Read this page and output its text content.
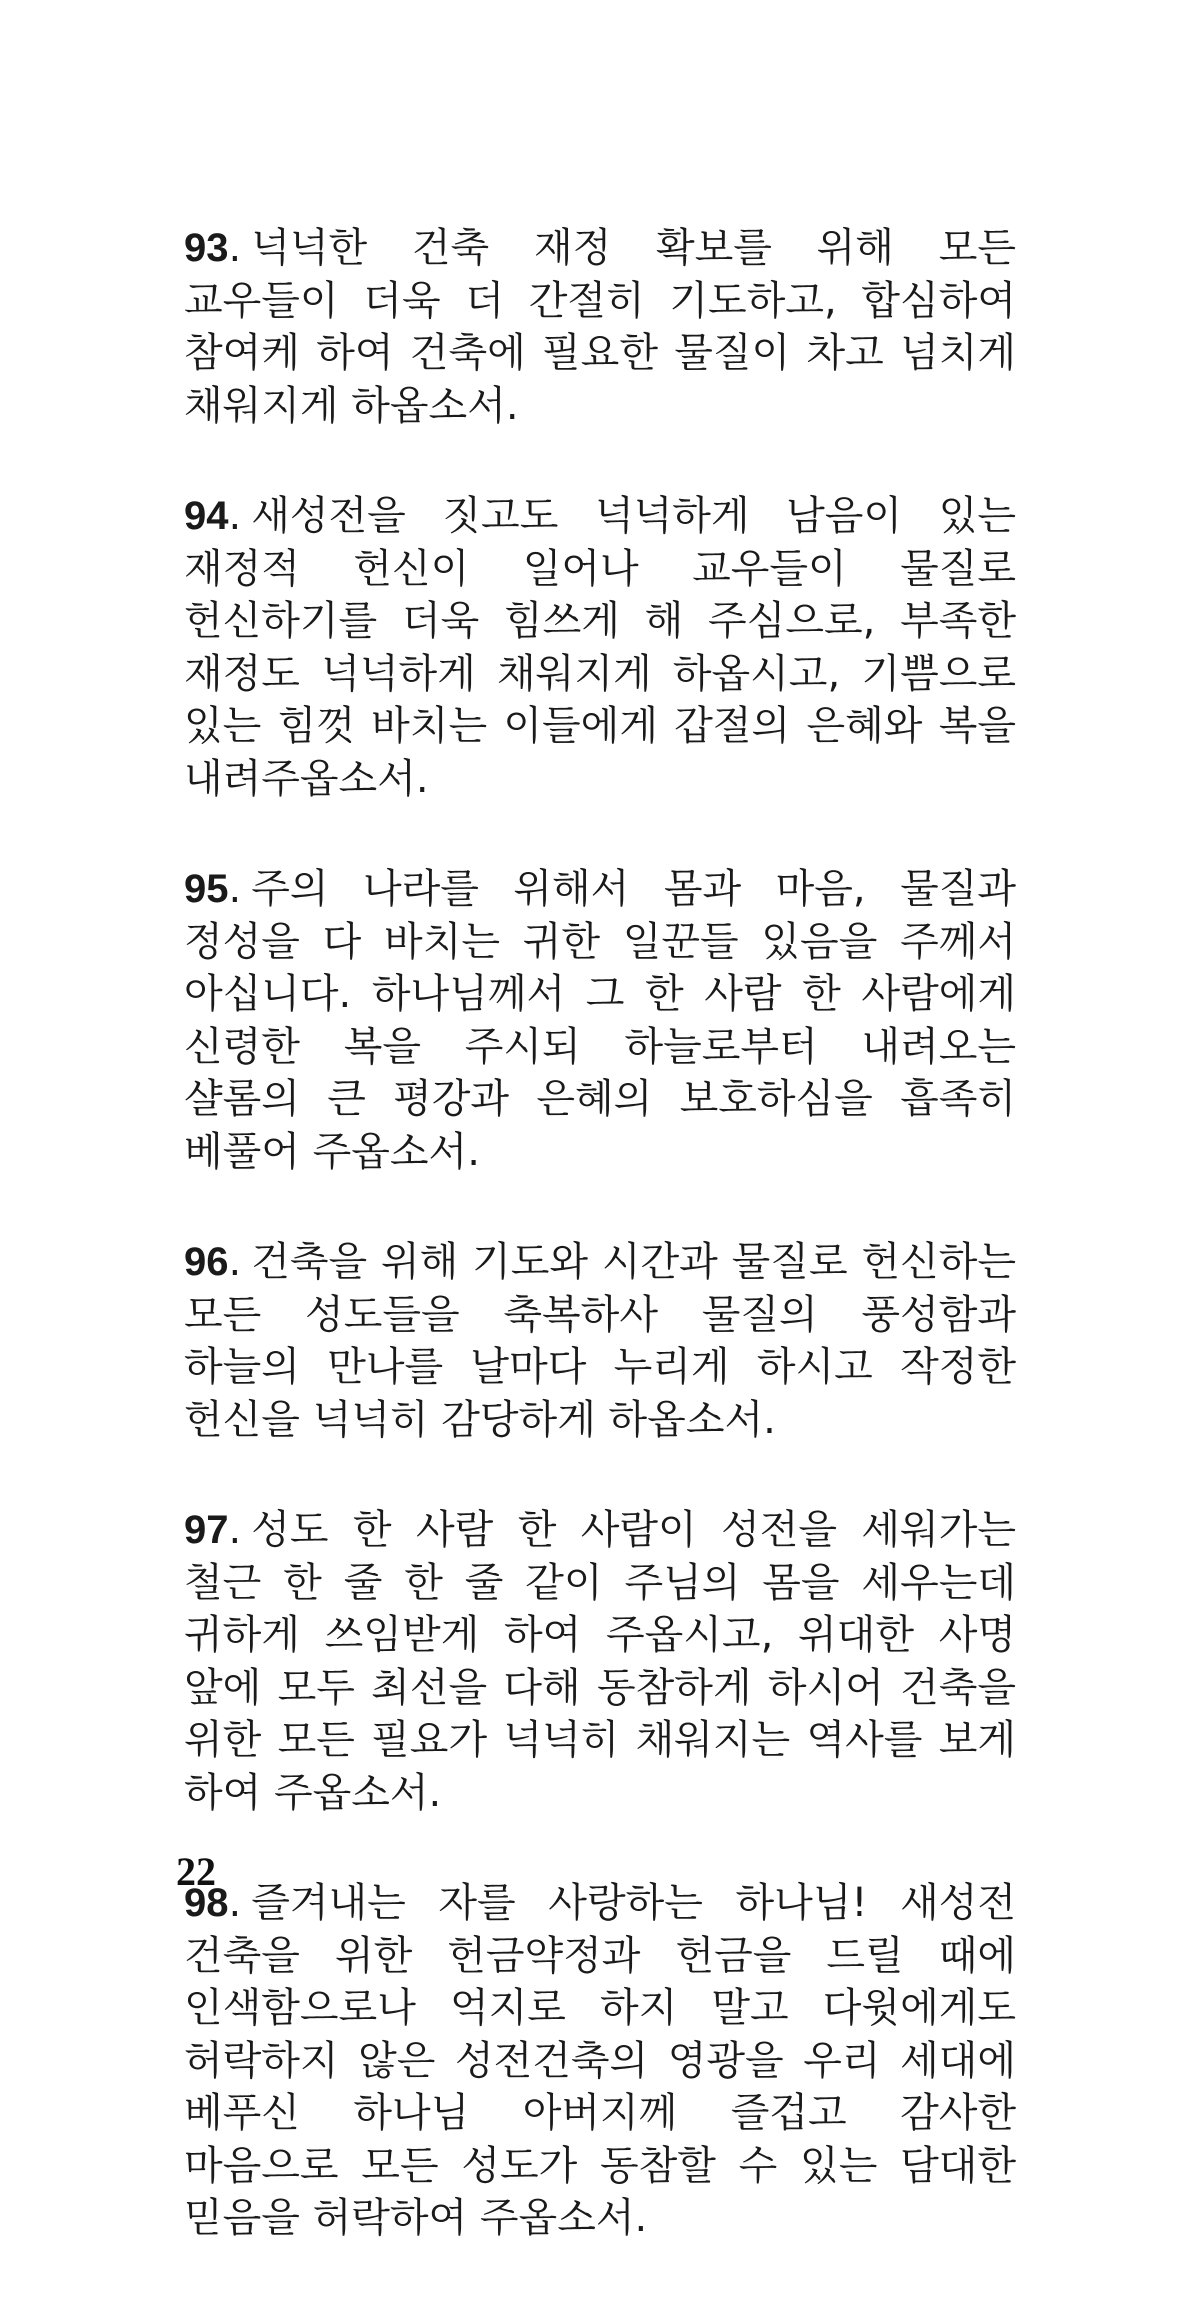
93. 넉넉한 건축 재정 확보를 위해 모든 교우들이 더욱 더 간절히 기도하고, 합심하여 참여케 하여 건축에 필요한 물질이 차고 넘치게 채워지게 하옵소서.

94. 새성전을 짓고도 넉넉하게 남음이 있는 재정적 헌신이 일어나 교우들이 물질로 헌신하기를 더욱 힘쓰게 해 주심으로, 부족한 재정도 넉넉하게 채워지게 하옵시고, 기쁨으로 있는 힘껏 바치는 이들에게 갑절의 은혜와 복을 내려주옵소서.

95. 주의 나라를 위해서 몸과 마음, 물질과 정성을 다 바치는 귀한 일꾼들 있음을 주께서 아십니다. 하나님께서 그 한 사람 한 사람에게 신령한 복을 주시되 하늘로부터 내려오는 샬롬의 큰 평강과 은혜의 보호하심을 흡족히 베풀어 주옵소서.

96. 건축을 위해 기도와 시간과 물질로 헌신하는 모든 성도들을 축복하사 물질의 풍성함과 하늘의 만나를 날마다 누리게 하시고 작정한 헌신을 넉넉히 감당하게 하옵소서.

97. 성도 한 사람 한 사람이 성전을 세워가는 철근 한 줄 한 줄 같이 주님의 몸을 세우는데 귀하게 쓰임받게 하여 주옵시고, 위대한 사명 앞에 모두 최선을 다해 동참하게 하시어 건축을 위한 모든 필요가 넉넉히 채워지는 역사를 보게 하여 주옵소서.

98. 즐겨내는 자를 사랑하는 하나님! 새성전 건축을 위한 헌금약정과 헌금을 드릴 때에 인색함으로나 억지로 하지 말고 다윗에게도 허락하지 않은 성전건축의 영광을 우리 세대에 베푸신 하나님 아버지께 즐겁고 감사한 마음으로 모든 성도가 동참할 수 있는 담대한 믿음을 허락하여 주옵소서.

22
